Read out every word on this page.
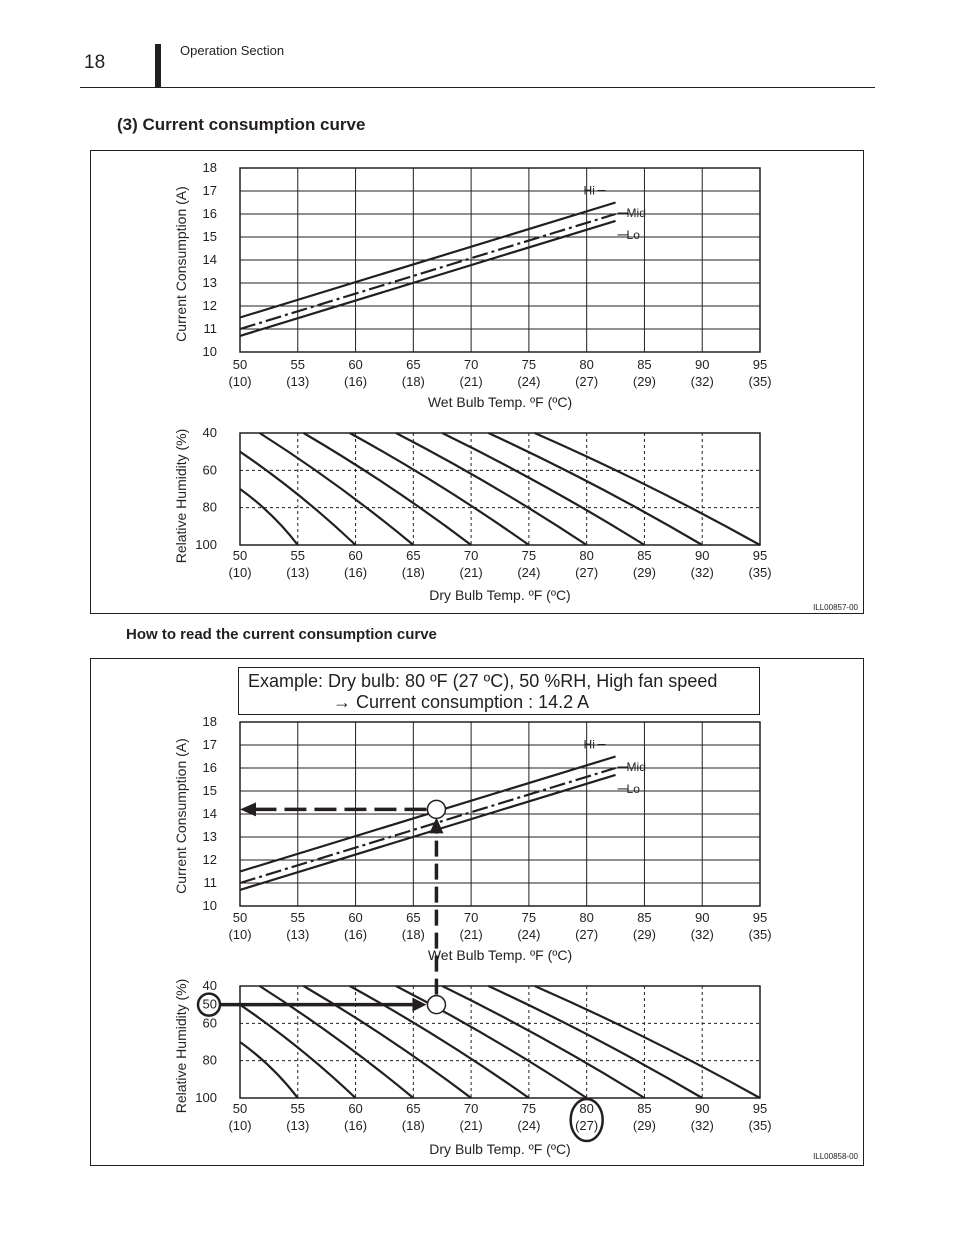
18
Operation Section
(3) Current consumption curve
How to read the current consumption curve
Example: Dry bulb: 80 ºF (27 ºC), 50 %RH, High fan speed
→ Current consumption : 14.2 A
10
11
12
13
14
15
16
17
18
50
(10)
55
(13)
60
(16)
65
(18)
70
(21)
75
(24)
80
(27)
85
(29)
90
(32)
95
(35)
Wet Bulb Temp. ºF (ºC)
Current Consumption (A)	Hi
Mid
Lo
40
60
80
100
50
(10)
55
(13)
60
(16)
65
(18)
70
(21)
75
(24)
80
(27)
85
(29)
90
(32)
95
(35)
Dry Bulb Temp. ºF (ºC)
Relative Humidity (%)
ILL00857-00
10
11
12
13
14
15
16
17
18
50
(10)
55
(13)
60
(16)
65
(18)
70
(21)
75
(24)
80
(27)
85
(29)
90
(32)
95
(35)
Wet Bulb Temp. ºF (ºC)
Current Consumption (A)	Hi
Mid
Lo
40
60
80
100
50
(10)
55
(13)
60
(16)
65
(18)
70
(21)
75
(24)
80
(27)
85
(29)
90
(32)
95
(35)
Dry Bulb Temp. ºF (ºC)
Relative Humidity (%) 50
ILL00858-00
